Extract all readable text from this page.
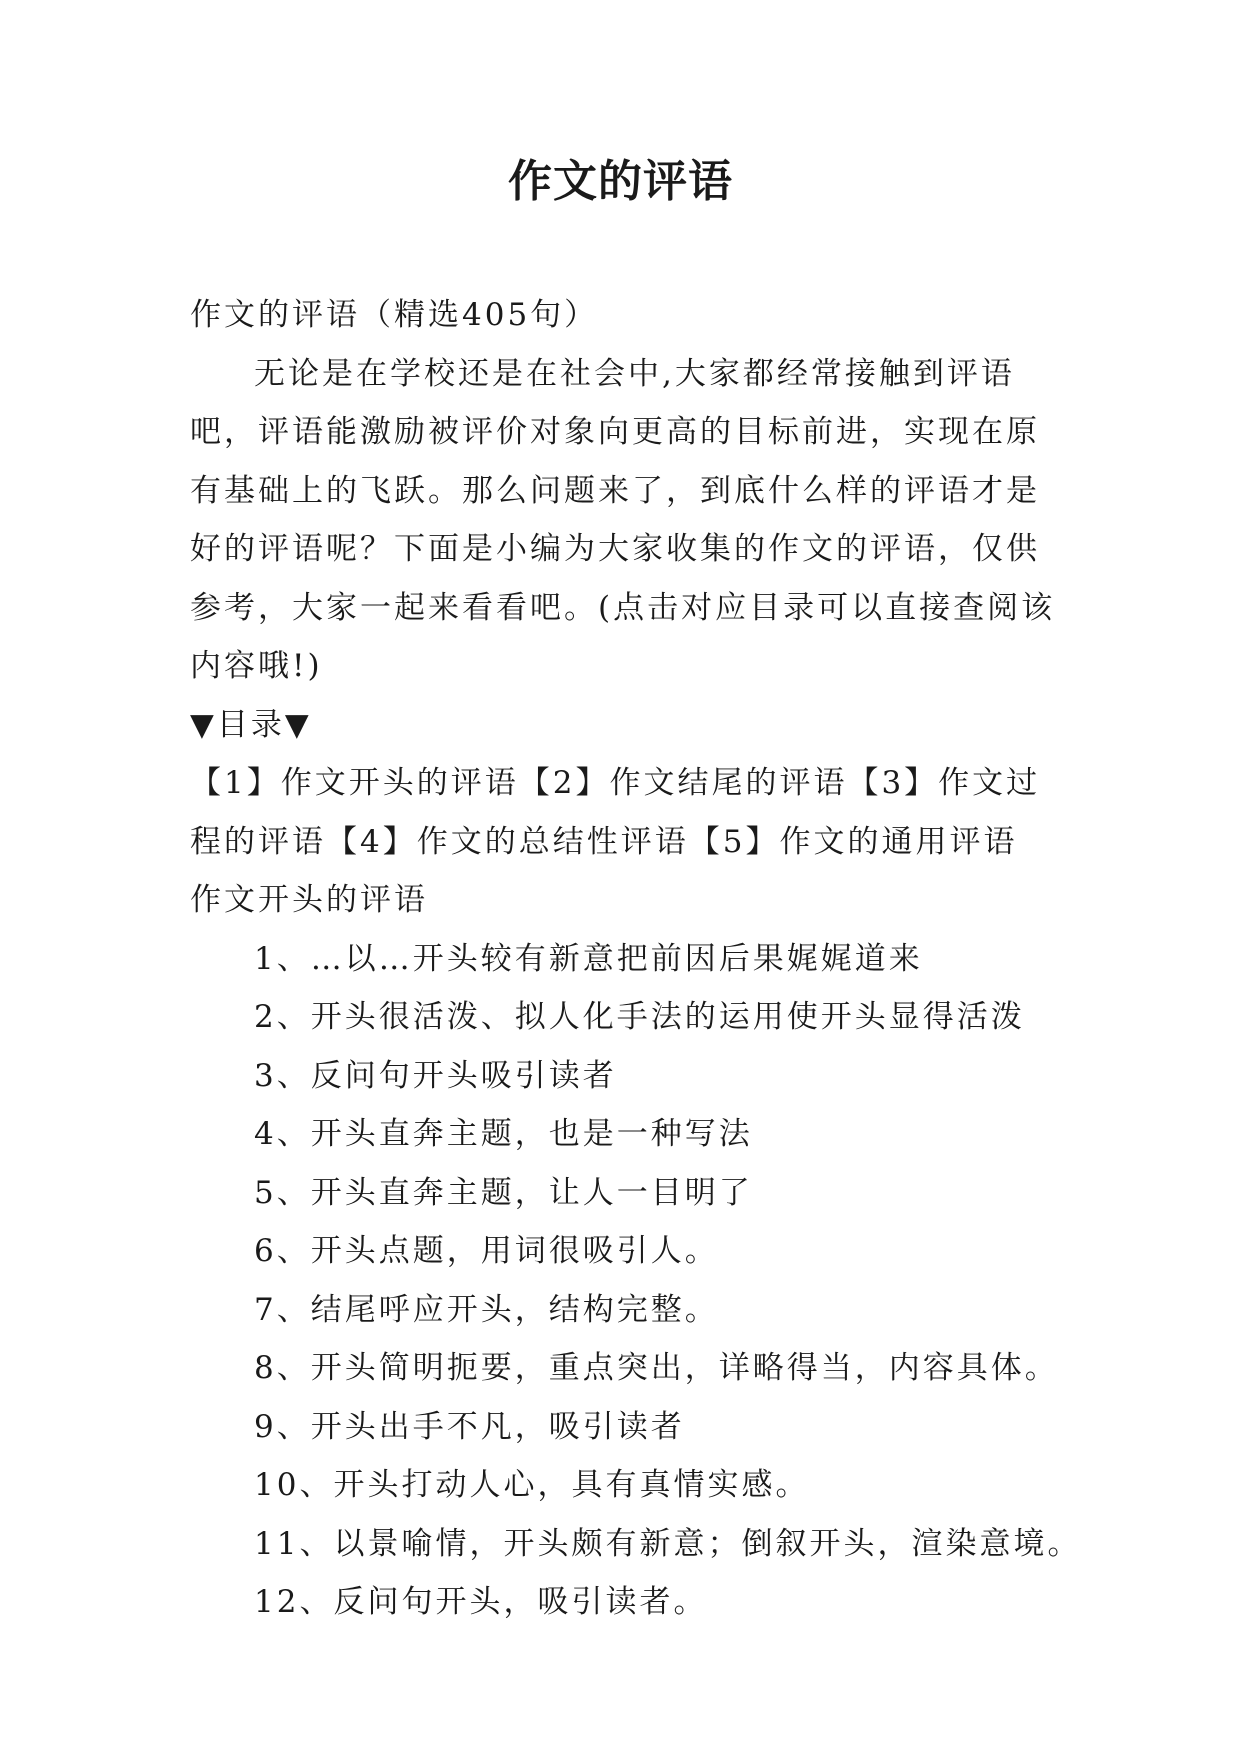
作文的评语

作文的评语（精选405句）

无论是在学校还是在社会中,大家都经常接触到评语吧，评语能激励被评价对象向更高的目标前进，实现在原有基础上的飞跃。那么问题来了，到底什么样的评语才是好的评语呢？下面是小编为大家收集的作文的评语，仅供参考，大家一起来看看吧。(点击对应目录可以直接查阅该内容哦!)

▼目录▼

【1】作文开头的评语【2】作文结尾的评语【3】作文过程的评语【4】作文的总结性评语【5】作文的通用评语　　作文开头的评语

1、…以…开头较有新意把前因后果娓娓道来
2、开头很活泼、拟人化手法的运用使开头显得活泼
3、反问句开头吸引读者
4、开头直奔主题，也是一种写法
5、开头直奔主题，让人一目明了
6、开头点题，用词很吸引人。
7、结尾呼应开头，结构完整。
8、开头简明扼要，重点突出，详略得当，内容具体。
9、开头出手不凡，吸引读者
10、开头打动人心，具有真情实感。
11、以景喻情，开头颇有新意；倒叙开头，渲染意境。
12、反问句开头，吸引读者。
